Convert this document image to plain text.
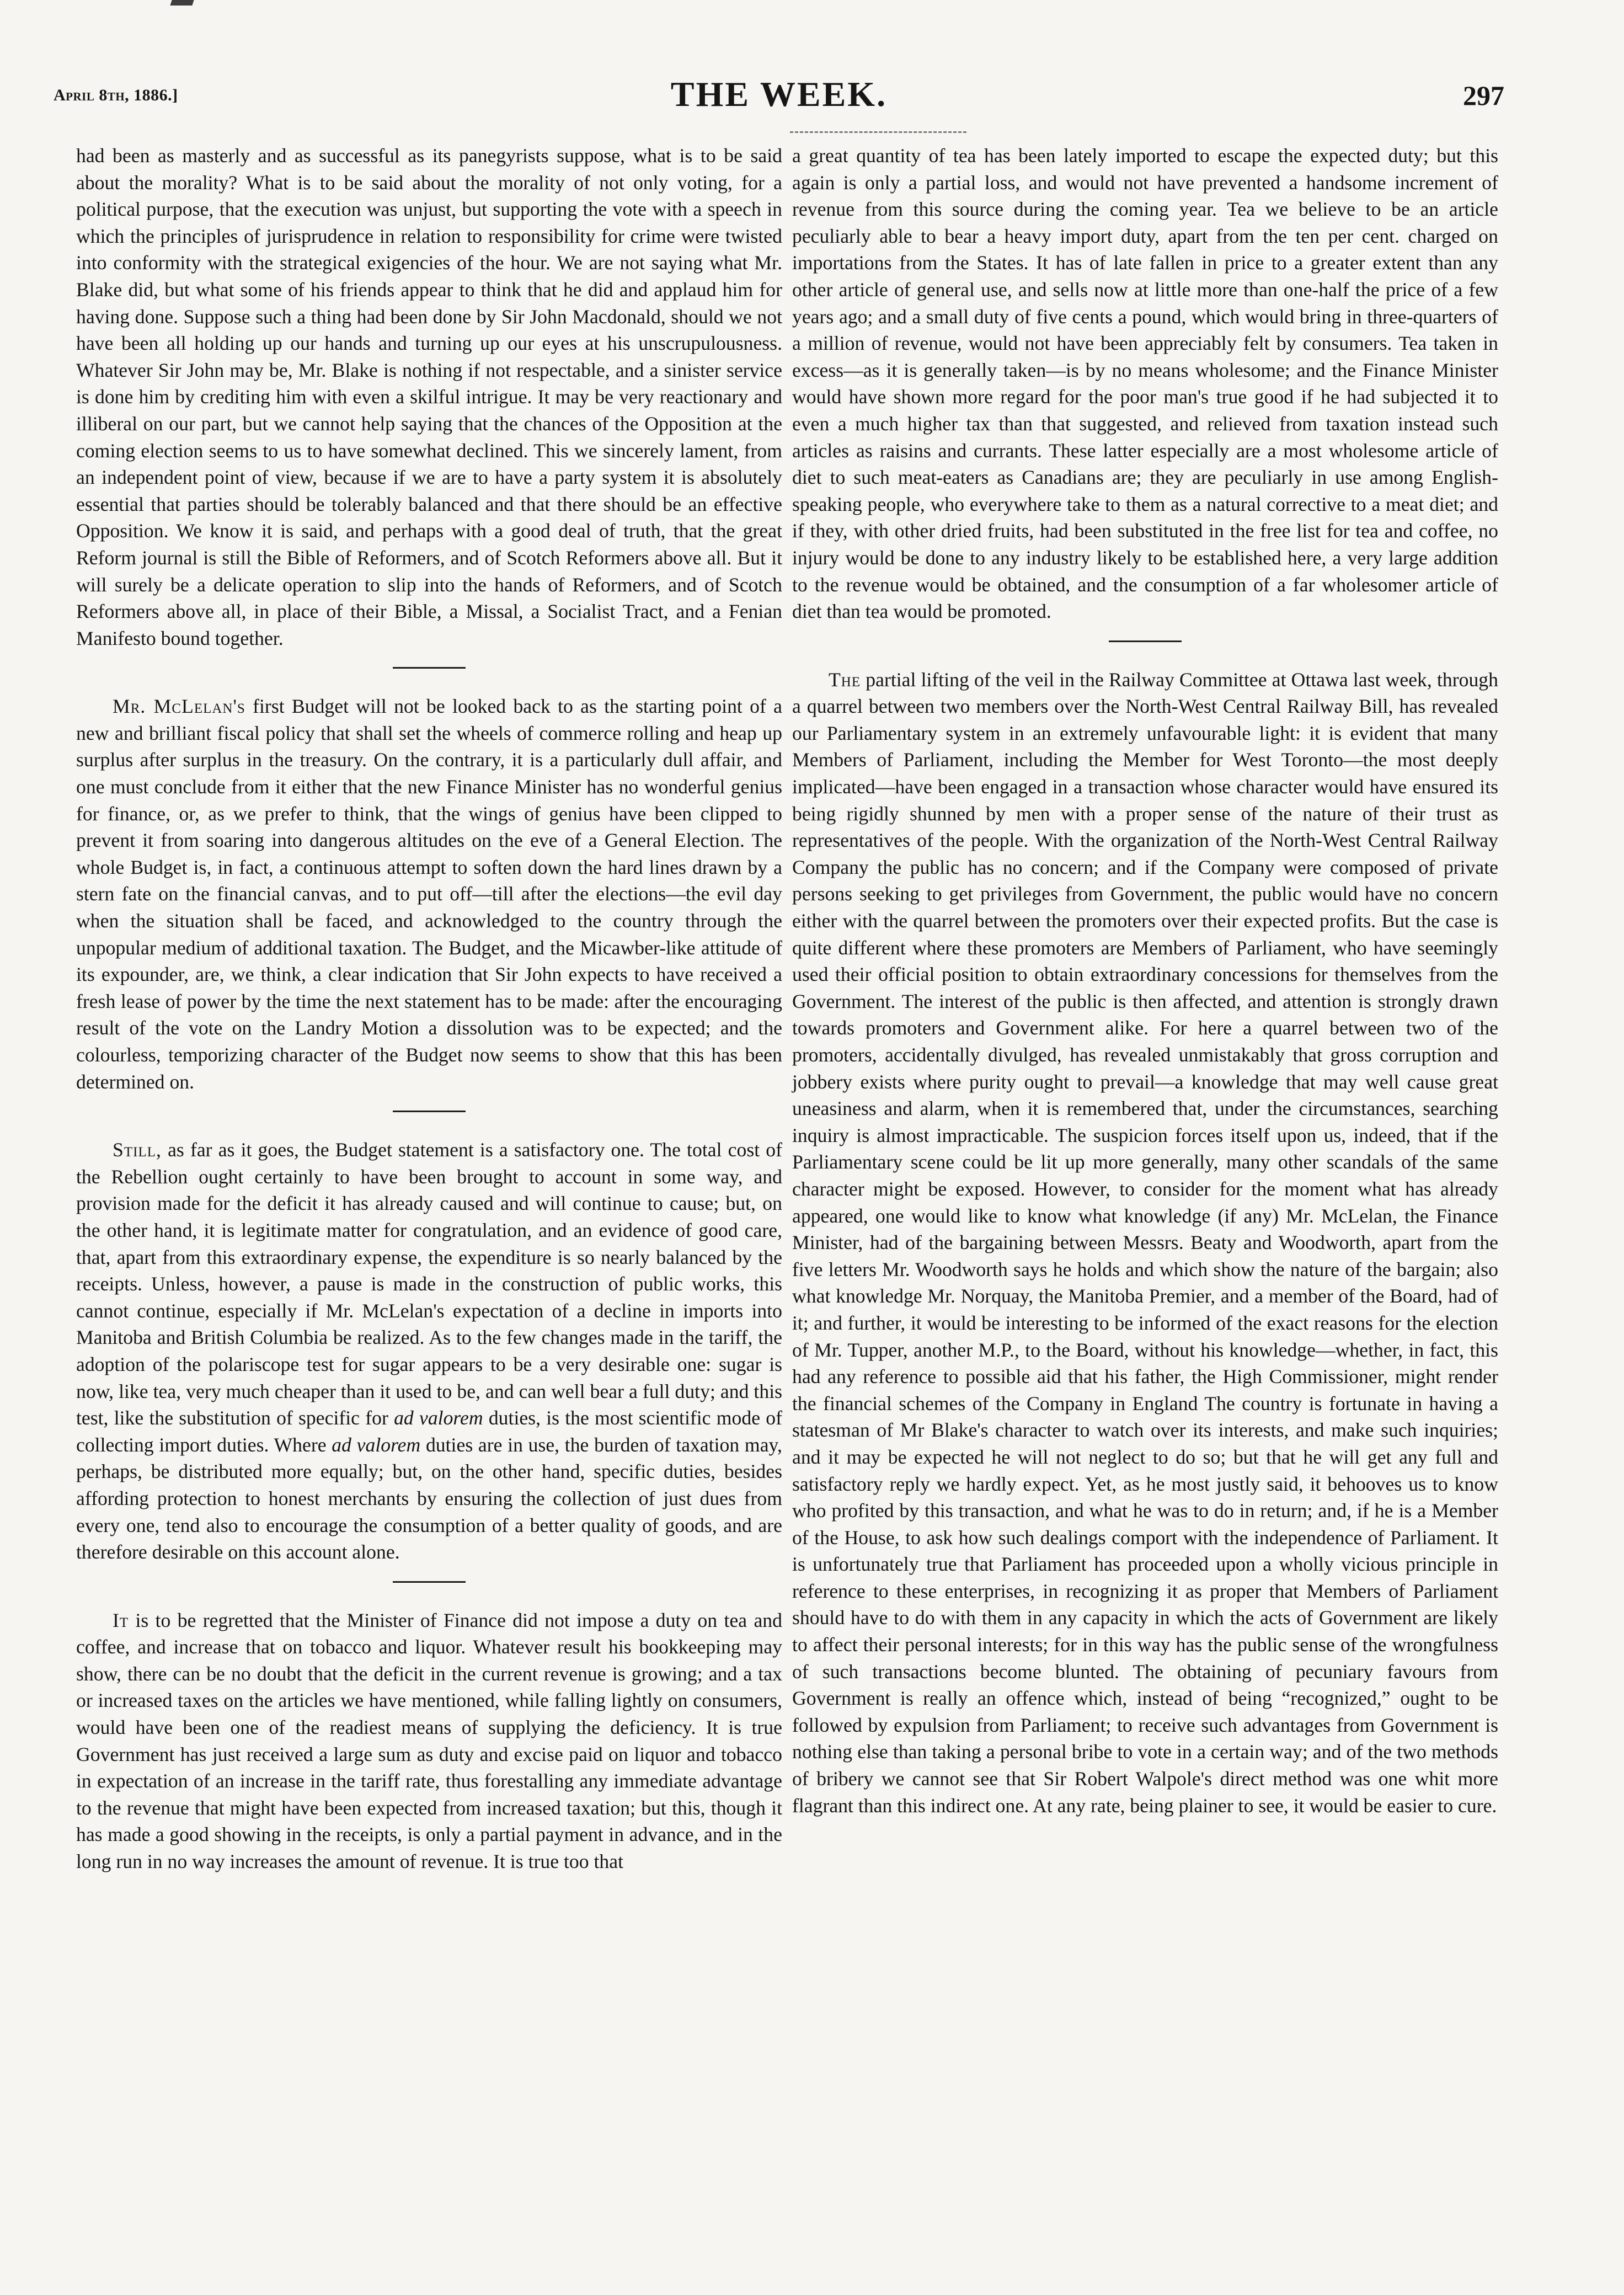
April 8th, 1886.]	THE WEEK.	297

had been as masterly and as successful as its panegyrists suppose, what is to be said about the morality? What is to be said about the morality of not only voting, for a political purpose, that the execution was unjust, but supporting the vote with a speech in which the principles of jurisprudence in relation to responsibility for crime were twisted into conformity with the strategical exigencies of the hour. We are not saying what Mr. Blake did, but what some of his friends appear to think that he did and applaud him for having done. Suppose such a thing had been done by Sir John Macdonald, should we not have been all holding up our hands and turning up our eyes at his unscrupulousness. Whatever Sir John may be, Mr. Blake is nothing if not respectable, and a sinister service is done him by crediting him with even a skilful intrigue. It may be very reactionary and illiberal on our part, but we cannot help saying that the chances of the Opposition at the coming election seems to us to have somewhat declined. This we sincerely lament, from an independent point of view, because if we are to have a party system it is absolutely essential that parties should be tolerably balanced and that there should be an effective Opposition. We know it is said, and perhaps with a good deal of truth, that the great Reform journal is still the Bible of Reformers, and of Scotch Reformers above all. But it will surely be a delicate operation to slip into the hands of Reformers, and of Scotch Reformers above all, in place of their Bible, a Missal, a Socialist Tract, and a Fenian Manifesto bound together.

Mr. McLelan's first Budget will not be looked back to as the starting point of a new and brilliant fiscal policy that shall set the wheels of commerce rolling and heap up surplus after surplus in the treasury. On the contrary, it is a particularly dull affair, and one must conclude from it either that the new Finance Minister has no wonderful genius for finance, or, as we prefer to think, that the wings of genius have been clipped to prevent it from soaring into dangerous altitudes on the eve of a General Election. The whole Budget is, in fact, a continuous attempt to soften down the hard lines drawn by a stern fate on the financial canvas, and to put off—till after the elections—the evil day when the situation shall be faced, and acknowledged to the country through the unpopular medium of additional taxation. The Budget, and the Micawber-like attitude of its expounder, are, we think, a clear indication that Sir John expects to have received a fresh lease of power by the time the next statement has to be made: after the encouraging result of the vote on the Landry Motion a dissolution was to be expected; and the colourless, temporizing character of the Budget now seems to show that this has been determined on.

Still, as far as it goes, the Budget statement is a satisfactory one. The total cost of the Rebellion ought certainly to have been brought to account in some way, and provision made for the deficit it has already caused and will continue to cause; but, on the other hand, it is legitimate matter for congratulation, and an evidence of good care, that, apart from this extraordinary expense, the expenditure is so nearly balanced by the receipts. Unless, however, a pause is made in the construction of public works, this cannot continue, especially if Mr. McLelan's expectation of a decline in imports into Manitoba and British Columbia be realized. As to the few changes made in the tariff, the adoption of the polariscope test for sugar appears to be a very desirable one: sugar is now, like tea, very much cheaper than it used to be, and can well bear a full duty; and this test, like the substitution of specific for ad valorem duties, is the most scientific mode of collecting import duties. Where ad valorem duties are in use, the burden of taxation may, perhaps, be distributed more equally; but, on the other hand, specific duties, besides affording protection to honest merchants by ensuring the collection of just dues from every one, tend also to encourage the consumption of a better quality of goods, and are therefore desirable on this account alone.

It is to be regretted that the Minister of Finance did not impose a duty on tea and coffee, and increase that on tobacco and liquor. Whatever result his bookkeeping may show, there can be no doubt that the deficit in the current revenue is growing; and a tax or increased taxes on the articles we have mentioned, while falling lightly on consumers, would have been one of the readiest means of supplying the deficiency. It is true Government has just received a large sum as duty and excise paid on liquor and tobacco in expectation of an increase in the tariff rate, thus forestalling any immediate advantage to the revenue that might have been expected from increased taxation; but this, though it has made a good showing in the receipts, is only a partial payment in advance, and in the long run in no way increases the amount of revenue. It is true too that

a great quantity of tea has been lately imported to escape the expected duty; but this again is only a partial loss, and would not have prevented a handsome increment of revenue from this source during the coming year. Tea we believe to be an article peculiarly able to bear a heavy import duty, apart from the ten per cent. charged on importations from the States. It has of late fallen in price to a greater extent than any other article of general use, and sells now at little more than one-half the price of a few years ago; and a small duty of five cents a pound, which would bring in three-quarters of a million of revenue, would not have been appreciably felt by consumers. Tea taken in excess—as it is generally taken—is by no means wholesome; and the Finance Minister would have shown more regard for the poor man's true good if he had subjected it to even a much higher tax than that suggested, and relieved from taxation instead such articles as raisins and currants. These latter especially are a most wholesome article of diet to such meat-eaters as Canadians are; they are peculiarly in use among English-speaking people, who everywhere take to them as a natural corrective to a meat diet; and if they, with other dried fruits, had been substituted in the free list for tea and coffee, no injury would be done to any industry likely to be established here, a very large addition to the revenue would be obtained, and the consumption of a far wholesomer article of diet than tea would be promoted.

The partial lifting of the veil in the Railway Committee at Ottawa last week, through a quarrel between two members over the North-West Central Railway Bill, has revealed our Parliamentary system in an extremely unfavourable light: it is evident that many Members of Parliament, including the Member for West Toronto—the most deeply implicated—have been engaged in a transaction whose character would have ensured its being rigidly shunned by men with a proper sense of the nature of their trust as representatives of the people. With the organization of the North-West Central Railway Company the public has no concern; and if the Company were composed of private persons seeking to get privileges from Government, the public would have no concern either with the quarrel between the promoters over their expected profits. But the case is quite different where these promoters are Members of Parliament, who have seemingly used their official position to obtain extraordinary concessions for themselves from the Government. The interest of the public is then affected, and attention is strongly drawn towards promoters and Government alike. For here a quarrel between two of the promoters, accidentally divulged, has revealed unmistakably that gross corruption and jobbery exists where purity ought to prevail—a knowledge that may well cause great uneasiness and alarm, when it is remembered that, under the circumstances, searching inquiry is almost impracticable. The suspicion forces itself upon us, indeed, that if the Parliamentary scene could be lit up more generally, many other scandals of the same character might be exposed. However, to consider for the moment what has already appeared, one would like to know what knowledge (if any) Mr. McLelan, the Finance Minister, had of the bargaining between Messrs. Beaty and Woodworth, apart from the five letters Mr. Woodworth says he holds and which show the nature of the bargain; also what knowledge Mr. Norquay, the Manitoba Premier, and a member of the Board, had of it; and further, it would be interesting to be informed of the exact reasons for the election of Mr. Tupper, another M.P., to the Board, without his knowledge—whether, in fact, this had any reference to possible aid that his father, the High Commissioner, might render the financial schemes of the Company in England The country is fortunate in having a statesman of Mr Blake's character to watch over its interests, and make such inquiries; and it may be expected he will not neglect to do so; but that he will get any full and satisfactory reply we hardly expect. Yet, as he most justly said, it behooves us to know who profited by this transaction, and what he was to do in return; and, if he is a Member of the House, to ask how such dealings comport with the independence of Parliament. It is unfortunately true that Parliament has proceeded upon a wholly vicious principle in reference to these enterprises, in recognizing it as proper that Members of Parliament should have to do with them in any capacity in which the acts of Government are likely to affect their personal interests; for in this way has the public sense of the wrongfulness of such transactions become blunted. The obtaining of pecuniary favours from Government is really an offence which, instead of being “recognized,” ought to be followed by expulsion from Parliament; to receive such advantages from Government is nothing else than taking a personal bribe to vote in a certain way; and of the two methods of bribery we cannot see that Sir Robert Walpole's direct method was one whit more flagrant than this indirect one. At any rate, being plainer to see, it would be easier to cure.
